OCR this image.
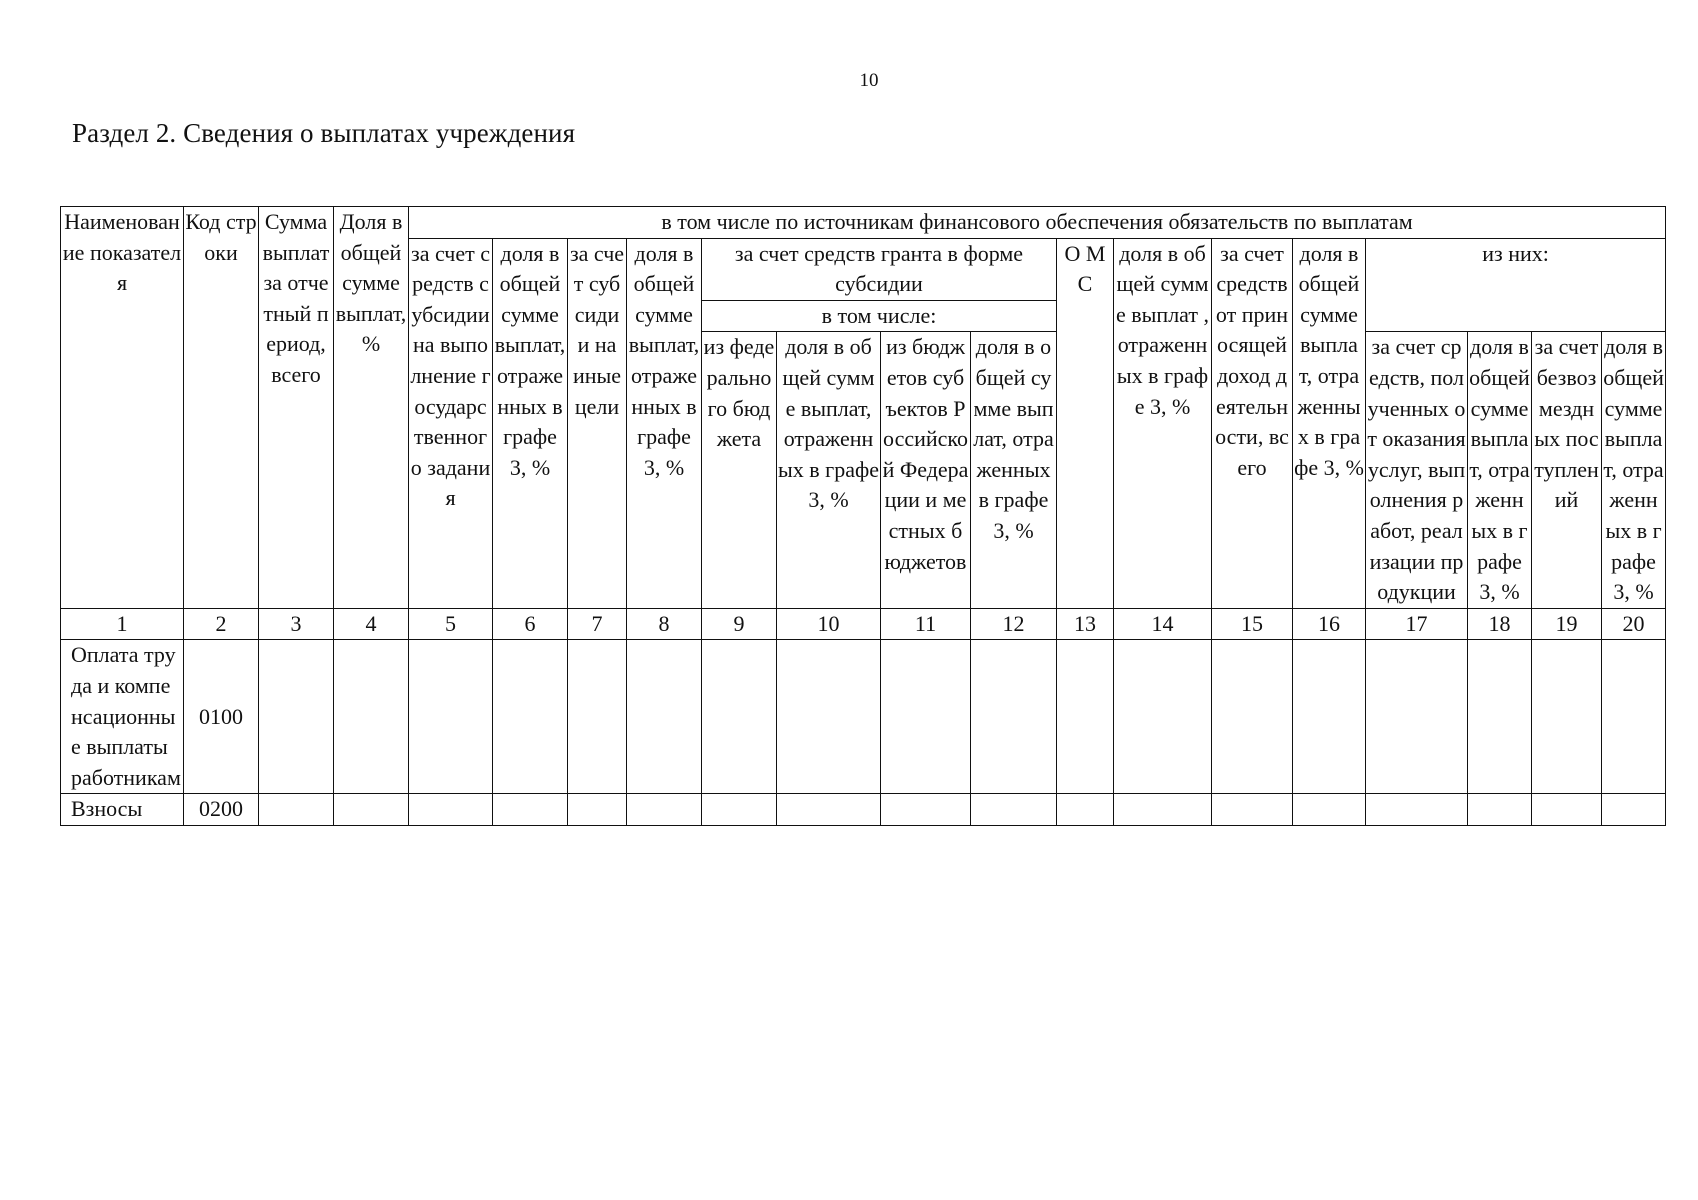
10
Раздел 2. Сведения о выплатах учреждения
Наименование показателя	Код строки	Сумма выплат за отчетный период, всего	Доля в общей сумме выплат, %	в том числе по источникам финансового обеспечения обязательств по выплатам															
				за счет средств субсидии на выполнение государственного задания	доля в общей сумме выплат, отраженных в графе 3, %	за счет субсидии на иные цели	доля в общей сумме выплат, отраженных в графе 3, %	за счет средств гранта в форме субсидии				О М С	доля в общей сумме выплат , отраженных в графе 3, %	за счет средств от приносящей доход деятельности, всего	доля в общей сумме выплат, отраженных в графе 3, %	из них:			
								в том числе:											
								из федерального бюджета	доля в общей сумме выплат, отраженных в графе 3, %	из бюджетов субъектов Российской Федерации и местных бюджетов	доля в общей сумме выплат, отраженных в графе 3, %					за счет средств, полученных от оказания услуг, выполнения работ, реализации продукции	доля в общей сумме выплат, отраженных в графе 3, %	за счет безвозмездных поступлений	доля в общей сумме выплат, отраженных в графе 3, %
1	2	3	4	5	6	7	8	9	10	11	12	13	14	15	16	17	18	19	20
Оплата труда и компенсационные выплаты работникам	0100																		
Взносы	0200																		
